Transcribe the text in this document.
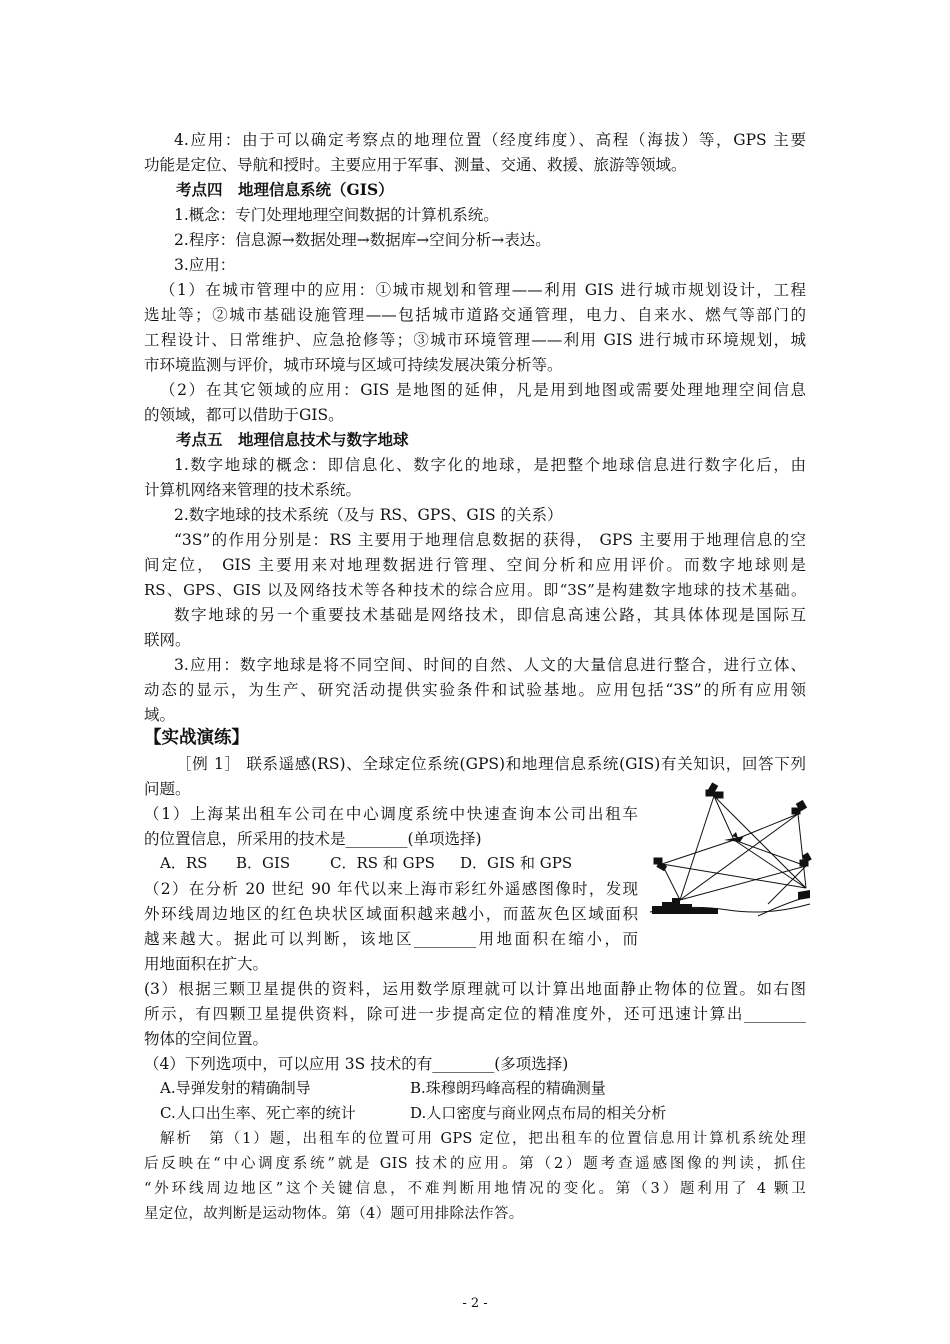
4.应用：由于可以确定考察点的地理位置（经度纬度）、高程（海拔）等，GPS 主要
功能是定位、导航和授时。主要应用于军事、测量、交通、救援、旅游等领域。
考点四　地理信息系统（GIS）
1.概念：专门处理地理空间数据的计算机系统。
2.程序：信息源→数据处理→数据库→空间分析→表达。
3.应用：
（1）在城市管理中的应用：①城市规划和管理——利用 GIS 进行城市规划设计，工程
选址等；②城市基础设施管理——包括城市道路交通管理，电力、自来水、燃气等部门的
工程设计、日常维护、应急抢修等；③城市环境管理——利用 GIS 进行城市环境规划，城
市环境监测与评价，城市环境与区域可持续发展决策分析等。
（2）在其它领域的应用：GIS 是地图的延伸，凡是用到地图或需要处理地理空间信息
的领域，都可以借助于GIS。
考点五　地理信息技术与数字地球
1.数字地球的概念：即信息化、数字化的地球，是把整个地球信息进行数字化后，由
计算机网络来管理的技术系统。
2.数字地球的技术系统（及与 RS、GPS、GIS 的关系）
“3S”的作用分别是：RS 主要用于地理信息数据的获得， GPS 主要用于地理信息的空
间定位， GIS 主要用来对地理数据进行管理、空间分析和应用评价。而数字地球则是
RS、GPS、GIS 以及网络技术等各种技术的综合应用。即“3S”是构建数字地球的技术基础。
数字地球的另一个重要技术基础是网络技术，即信息高速公路，其具体体现是国际互
联网。
3.应用：数字地球是将不同空间、时间的自然、人文的大量信息进行整合，进行立体、
动态的显示，为生产、研究活动提供实验条件和试验基地。应用包括“3S”的所有应用领
域。
【实战演练】
［例 1］ 联系遥感(RS)、全球定位系统(GPS)和地理信息系统(GIS)有关知识，回答下列
问题。
（1）上海某出租车公司在中心调度系统中快速查询本公司出租车
的位置信息，所采用的技术是________(单项选择)
A．RS B．GIS	C．RS 和 GPS D．GIS 和 GPS
（2）在分析 20 世纪 90 年代以来上海市彩红外遥感图像时，发现
外环线周边地区的红色块状区域面积越来越小，而蓝灰色区域面积
越来越大。据此可以判断，该地区________用地面积在缩小，而
用地面积在扩大。
(3）根据三颗卫星提供的资料，运用数学原理就可以计算出地面静止物体的位置。如右图
所示，有四颗卫星提供资料，除可进一步提高定位的精准度外，还可迅速计算出________
物体的空间位置。
（4）下列选项中，可以应用 3S 技术的有________(多项选择)
A.导弹发射的精确制导	B.珠穆朗玛峰高程的精确测量
C.人口出生率、死亡率的统计	D.人口密度与商业网点布局的相关分析
解析　第（1）题，出租车的位置可用 GPS 定位，把出租车的位置信息用计算机系统处理
后反映在“中心调度系统”就是 GIS 技术的应用。第（2）题考查遥感图像的判读，抓住
“外环线周边地区”这个关键信息，不难判断用地情况的变化。第（3）题利用了 4 颗卫
星定位，故判断是运动物体。第（4）题可用排除法作答。
- 2 -
